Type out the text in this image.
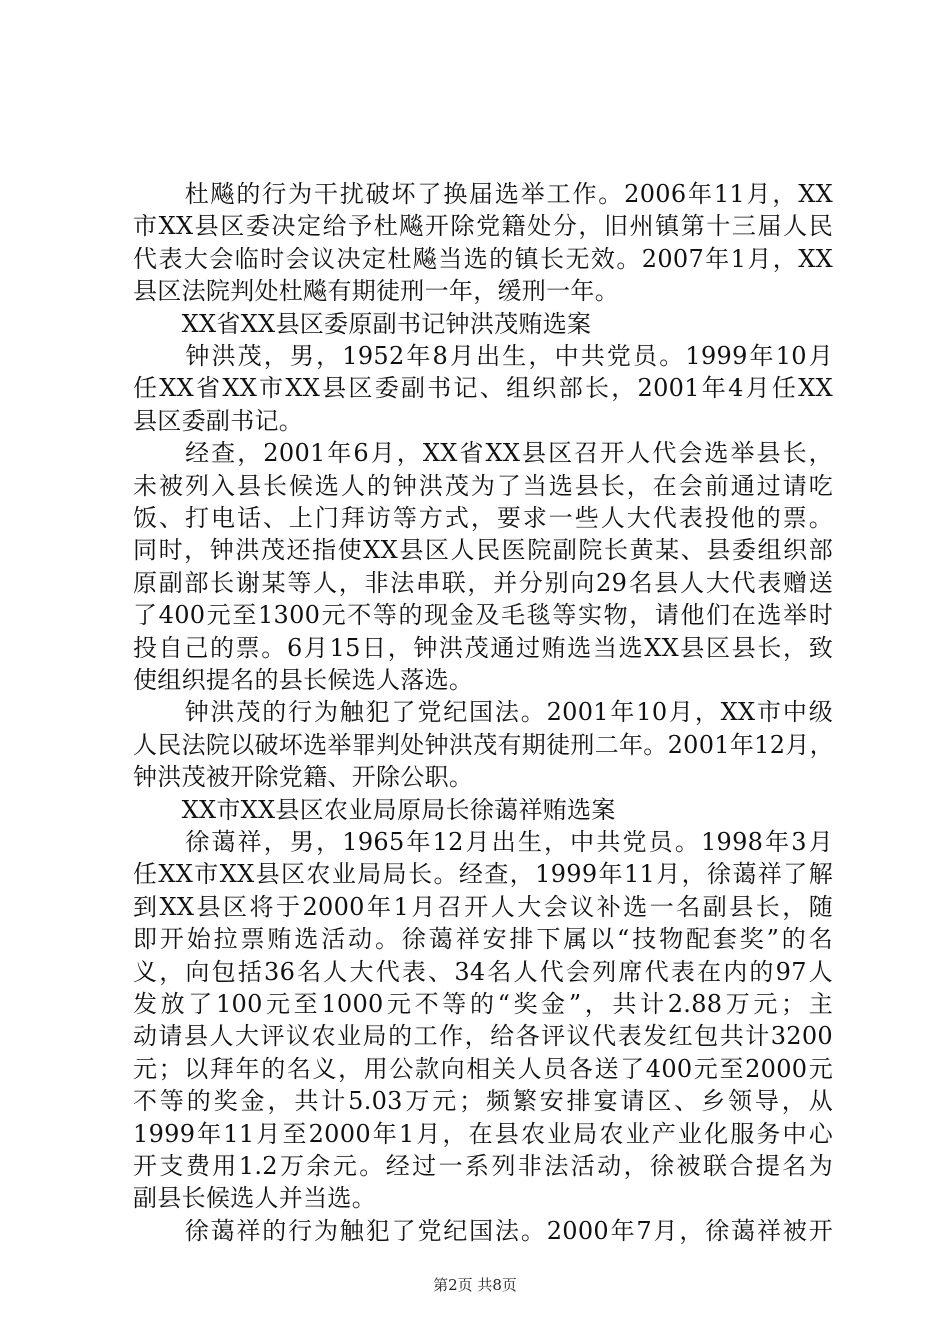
　　杜飚的行为干扰破坏了换届选举工作。2006年11月，XX
市XX县区委决定给予杜飚开除党籍处分，旧州镇第十三届人民
代表大会临时会议决定杜飚当选的镇长无效。2007年1月，XX
县区法院判处杜飚有期徒刑一年，缓刑一年。
　　XX省XX县区委原副书记钟洪茂贿选案
　　钟洪茂，男，1952年8月出生，中共党员。1999年10月
任XX省XX市XX县区委副书记、组织部长，2001年4月任XX
县区委副书记。
　　经查，2001年6月，XX省XX县区召开人代会选举县长，
未被列入县长候选人的钟洪茂为了当选县长，在会前通过请吃
饭、打电话、上门拜访等方式，要求一些人大代表投他的票。
同时，钟洪茂还指使XX县区人民医院副院长黄某、县委组织部
原副部长谢某等人，非法串联，并分别向29名县人大代表赠送
了400元至1300元不等的现金及毛毯等实物，请他们在选举时
投自己的票。6月15日，钟洪茂通过贿选当选XX县区县长，致
使组织提名的县长候选人落选。
　　钟洪茂的行为触犯了党纪国法。2001年10月，XX市中级
人民法院以破坏选举罪判处钟洪茂有期徒刑二年。2001年12月，
钟洪茂被开除党籍、开除公职。
　　XX市XX县区农业局原局长徐蔼祥贿选案
　　徐蔼祥，男，1965年12月出生，中共党员。1998年3月
任XX市XX县区农业局局长。经查，1999年11月，徐蔼祥了解
到XX县区将于2000年1月召开人大会议补选一名副县长，随
即开始拉票贿选活动。徐蔼祥安排下属以“技物配套奖”的名
义，向包括36名人大代表、34名人代会列席代表在内的97人
发放了100元至1000元不等的“奖金”，共计2.88万元；主
动请县人大评议农业局的工作，给各评议代表发红包共计3200
元；以拜年的名义，用公款向相关人员各送了400元至2000元
不等的奖金，共计5.03万元；频繁安排宴请区、乡领导，从
1999年11月至2000年1月，在县农业局农业产业化服务中心
开支费用1.2万余元。经过一系列非法活动，徐被联合提名为
副县长候选人并当选。
　　徐蔼祥的行为触犯了党纪国法。2000年7月，徐蔼祥被开
第2页 共8页
